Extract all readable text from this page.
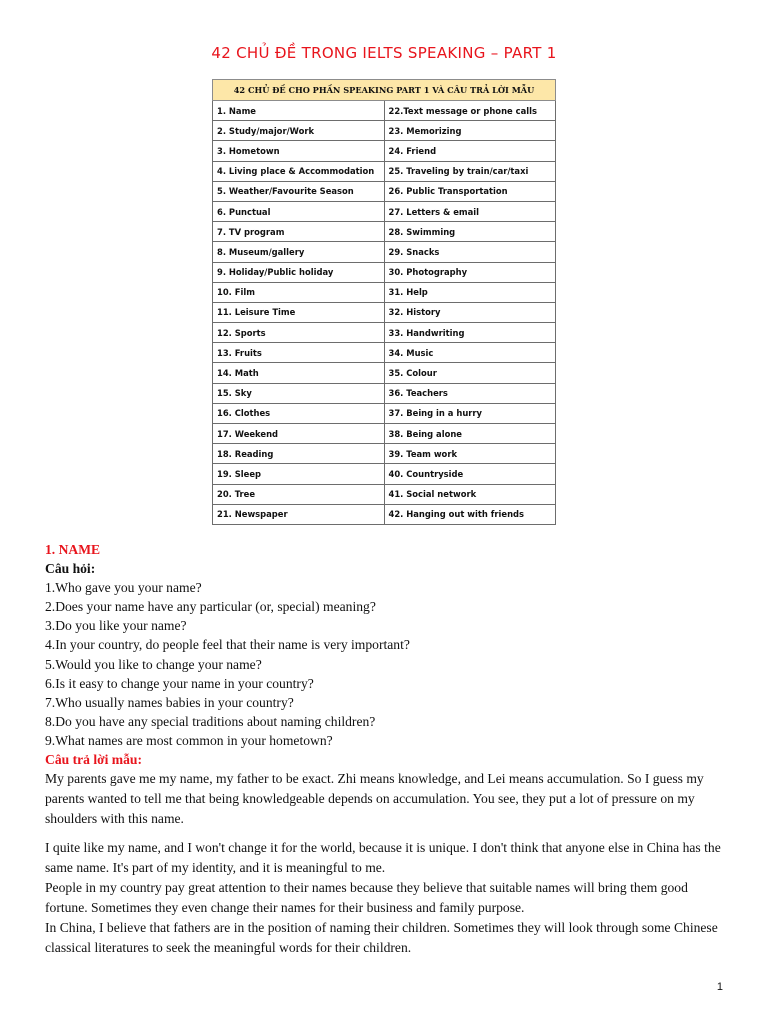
42 CHỦ ĐỀ TRONG IELTS SPEAKING – PART 1
42 CHỦ ĐỀ CHO PHẦN SPEAKING PART 1 VÀ CÂU TRẢ LỜI MẪU	
1. Name	22.Text message or phone calls
2. Study/major/Work	23. Memorizing
3. Hometown	24. Friend
4. Living place & Accommodation	25. Traveling by train/car/taxi
5. Weather/Favourite Season	26. Public Transportation
6. Punctual	27. Letters & email
7. TV program	28. Swimming
8. Museum/gallery	29. Snacks
9. Holiday/Public holiday	30. Photography
10. Film	31. Help
11. Leisure Time	32. History
12. Sports	33. Handwriting
13. Fruits	34. Music
14. Math	35. Colour
15. Sky	36. Teachers
16. Clothes	37. Being in a hurry
17. Weekend	38. Being alone
18. Reading	39. Team work
19. Sleep	40. Countryside
20. Tree	41. Social network
21. Newspaper	42. Hanging out with friends

1. NAME

Câu hỏi:

1.Who gave you your name?

2.Does your name have any particular (or, special) meaning?

3.Do you like your name?

4.In your country, do people feel that their name is very important?

5.Would you like to change your name?

6.Is it easy to change your name in your country?

7.Who usually names babies in your country?

8.Do you have any special traditions about naming children?

9.What names are most common in your hometown?

Câu trả lời mẫu:

My parents gave me my name, my father to be exact. Zhi means knowledge, and Lei means accumulation. So I guess my parents wanted to tell me that being knowledgeable depends on accumulation. You see, they put a lot of pressure on my shoulders with this name.

I quite like my name, and I won't change it for the world, because it is unique. I don't think that anyone else in China has the same name. It's part of my identity, and it is meaningful to me.

People in my country pay great attention to their names because they believe that suitable names will bring them good fortune. Sometimes they even change their names for their business and family purpose.

In China, I believe that fathers are in the position of naming their children. Sometimes they will look through some Chinese classical literatures to seek the meaningful words for their children.

1
